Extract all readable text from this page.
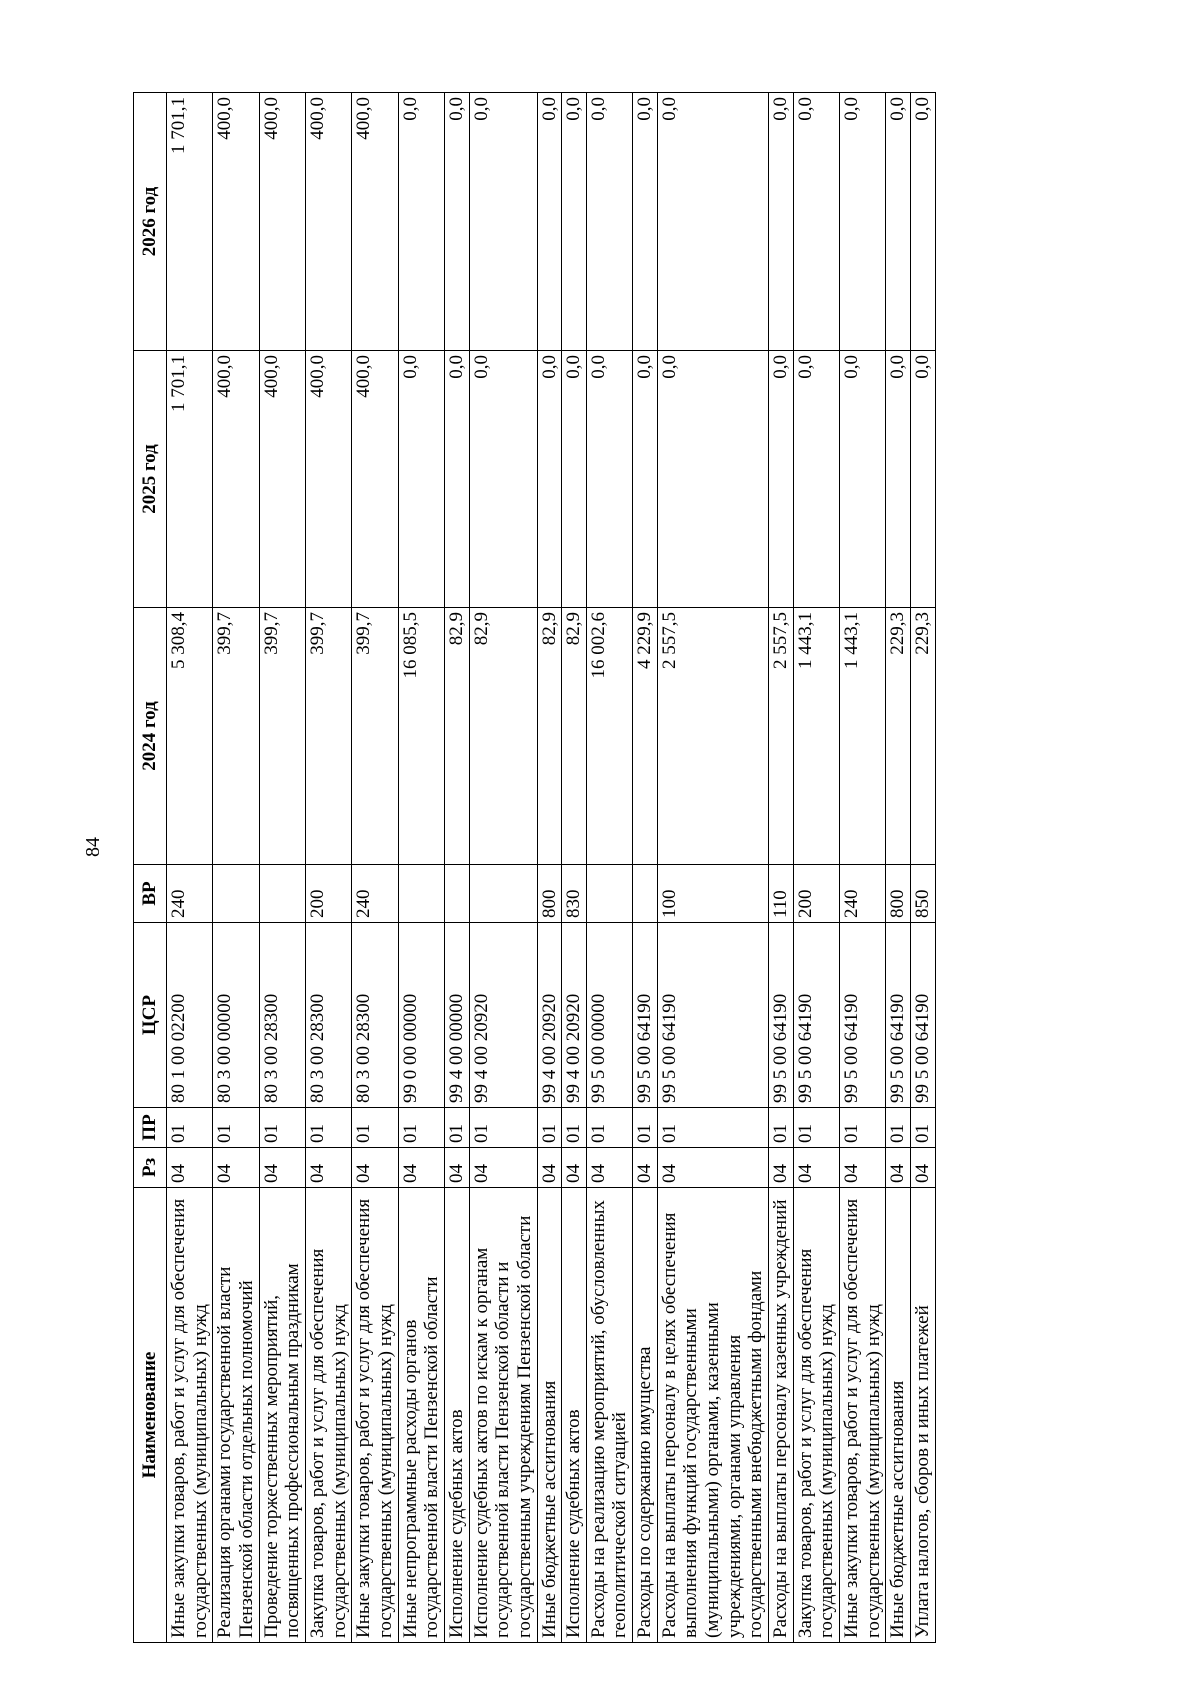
84
Наименование	Рз	ПР	ЦСР	ВР	2024 год	2025 год	2026 год
Иные закупки товаров, работ и услуг для обеспечения государственных (муниципальных) нужд	04	01	80 1 00 02200	240	5 308,4	1 701,1	1 701,1
Реализация органами государственной власти Пензенской области отдельных полномочий	04	01	80 3 00 00000		399,7	400,0	400,0
Проведение торжественных мероприятий, посвященных профессиональным праздникам	04	01	80 3 00 28300		399,7	400,0	400,0
Закупка товаров, работ и услуг для обеспечения государственных (муниципальных) нужд	04	01	80 3 00 28300	200	399,7	400,0	400,0
Иные закупки товаров, работ и услуг для обеспечения государственных (муниципальных) нужд	04	01	80 3 00 28300	240	399,7	400,0	400,0
Иные непрограммные расходы органов государственной власти Пензенской области	04	01	99 0 00 00000		16 085,5	0,0	0,0
Исполнение судебных актов	04	01	99 4 00 00000		82,9	0,0	0,0
Исполнение судебных актов по искам к органам государственной власти Пензенской области и государственным учреждениям Пензенской области	04	01	99 4 00 20920		82,9	0,0	0,0
Иные бюджетные ассигнования	04	01	99 4 00 20920	800	82,9	0,0	0,0
Исполнение судебных актов	04	01	99 4 00 20920	830	82,9	0,0	0,0
Расходы на реализацию мероприятий, обусловленных геополитической ситуацией	04	01	99 5 00 00000		16 002,6	0,0	0,0
Расходы по содержанию имущества	04	01	99 5 00 64190		4 229,9	0,0	0,0
Расходы на выплаты персоналу в целях обеспечения выполнения функций государственными (муниципальными) органами, казенными учреждениями, органами управления государственными внебюджетными фондами	04	01	99 5 00 64190	100	2 557,5	0,0	0,0
Расходы на выплаты персоналу казенных учреждений	04	01	99 5 00 64190	110	2 557,5	0,0	0,0
Закупка товаров, работ и услуг для обеспечения государственных (муниципальных) нужд	04	01	99 5 00 64190	200	1 443,1	0,0	0,0
Иные закупки товаров, работ и услуг для обеспечения государственных (муниципальных) нужд	04	01	99 5 00 64190	240	1 443,1	0,0	0,0
Иные бюджетные ассигнования	04	01	99 5 00 64190	800	229,3	0,0	0,0
Уплата налогов, сборов и иных платежей	04	01	99 5 00 64190	850	229,3	0,0	0,0
